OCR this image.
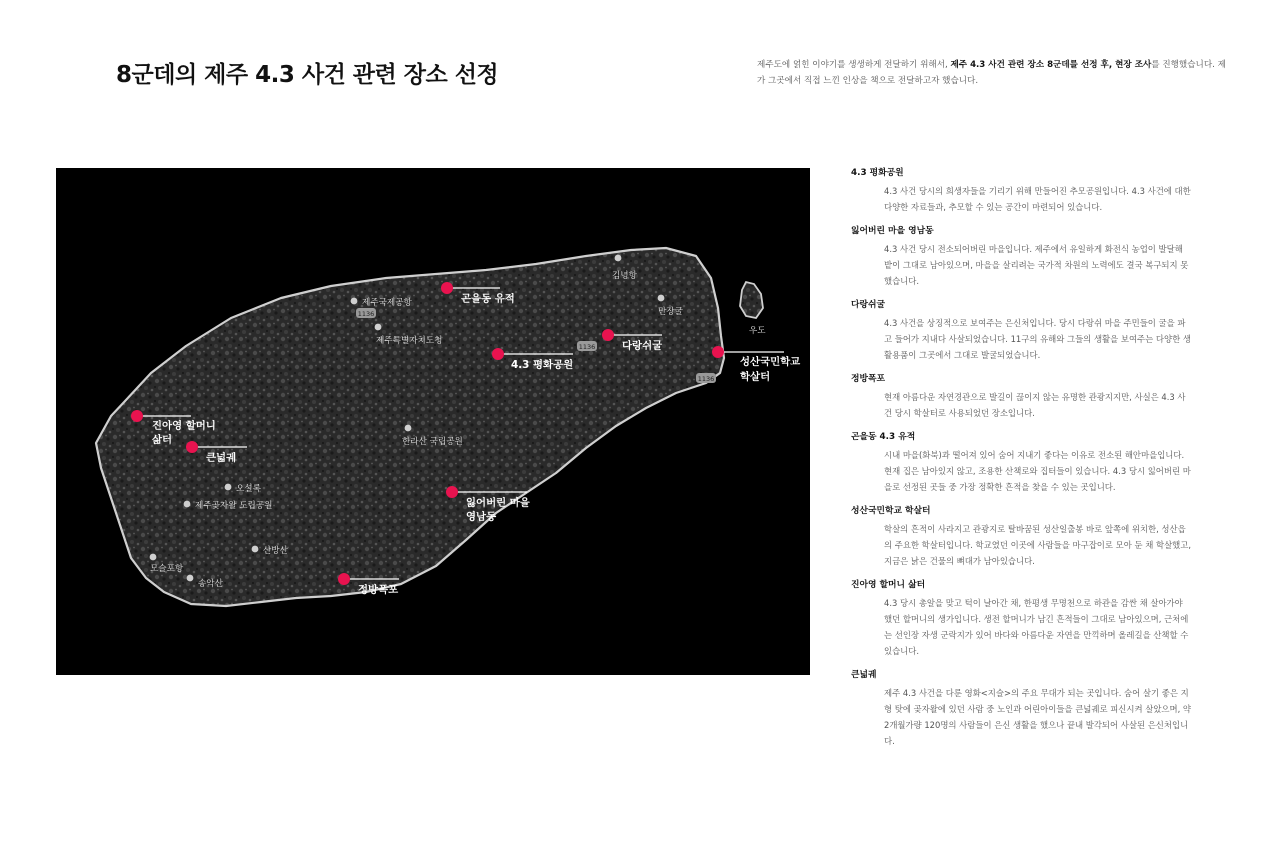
8군데의 제주 4.3 사건 관련 장소 선정	제주도에 얽힌 이야기를 생생하게 전달하기 위해서, 제주 4.3 사건 관련 장소 8군데를 선정 후, 현장 조사를 진행했습니다. 제가 그곳에서 직접 느낀 인상을 책으로 전달하고자 했습니다.

김녕항
만장굴
제주국제공항
제주특별자치도청
한라산 국립공원
오설록
제주곶자왈 도립공원
산방산
모슬포항
송악산
우도
1136
1136
1136
곤을동 유적
4.3 평화공원
다랑쉬굴
성산국민학교 학살터
진아영 할머니 삶터
큰넓궤
잃어버린 마을 영남동
정방폭포

4.3 평화공원

4.3 사건 당시의 희생자들을 기리기 위해 만들어진 추모공원입니다. 4.3 사건에 대한 다양한 자료들과, 추모할 수 있는 공간이 마련되어 있습니다.

잃어버린 마을 영남동

4.3 사건 당시 전소되어버린 마을입니다. 제주에서 유일하게 화전식 농업이 발달해 밭이 그대로 남아있으며, 마을을 살리려는 국가적 차원의 노력에도 결국 복구되지 못했습니다.

다랑쉬굴

4.3 사건을 상징적으로 보여주는 은신처입니다. 당시 다랑쉬 마을 주민들이 굴을 파고 들어가 지내다 사살되었습니다. 11구의 유해와 그들의 생활을 보여주는 다양한 생활용품이 그곳에서 그대로 발굴되었습니다.

정방폭포

현재 아름다운 자연경관으로 발길이 끊이지 않는 유명한 관광지지만, 사실은 4.3 사건 당시 학살터로 사용되었던 장소입니다.

곤을동 4.3 유적

시내 마을(화북)과 떨어져 있어 숨어 지내기 좋다는 이유로 전소된 해안마을입니다. 현재 집은 남아있지 않고, 조용한 산책로와 집터들이 있습니다. 4.3 당시 잃어버린 마을로 선정된 곳들 중 가장 정확한 흔적을 찾을 수 있는 곳입니다.

성산국민학교 학살터

학살의 흔적이 사라지고 관광지로 탈바꿈된 성산일출봉 바로 앞쪽에 위치한, 성산읍의 주요한 학살터입니다. 학교였던 이곳에 사람들을 마구잡이로 모아 둔 채 학살했고, 지금은 낡은 건물의 뼈대가 남아있습니다.

진아영 할머니 삶터

4.3 당시 총알을 맞고 턱이 날아간 채, 한평생 무명천으로 하관을 감싼 채 살아가야 했던 할머니의 생가입니다. 생전 할머니가 남긴 흔적들이 그대로 남아있으며, 근처에는 선인장 자생 군락지가 있어 바다와 아름다운 자연을 만끽하며 올레길을 산책할 수 있습니다.

큰넓궤

제주 4.3 사건을 다룬 영화<지슬>의 주요 무대가 되는 곳입니다. 숨어 살기 좋은 지형 탓에 곶자왈에 있던 사람 중 노인과 어린아이들을 큰넓궤로 피신시켜 살았으며, 약 2개월가량 120명의 사람들이 은신 생활을 했으나 끝내 발각되어 사살된 은신처입니다.
